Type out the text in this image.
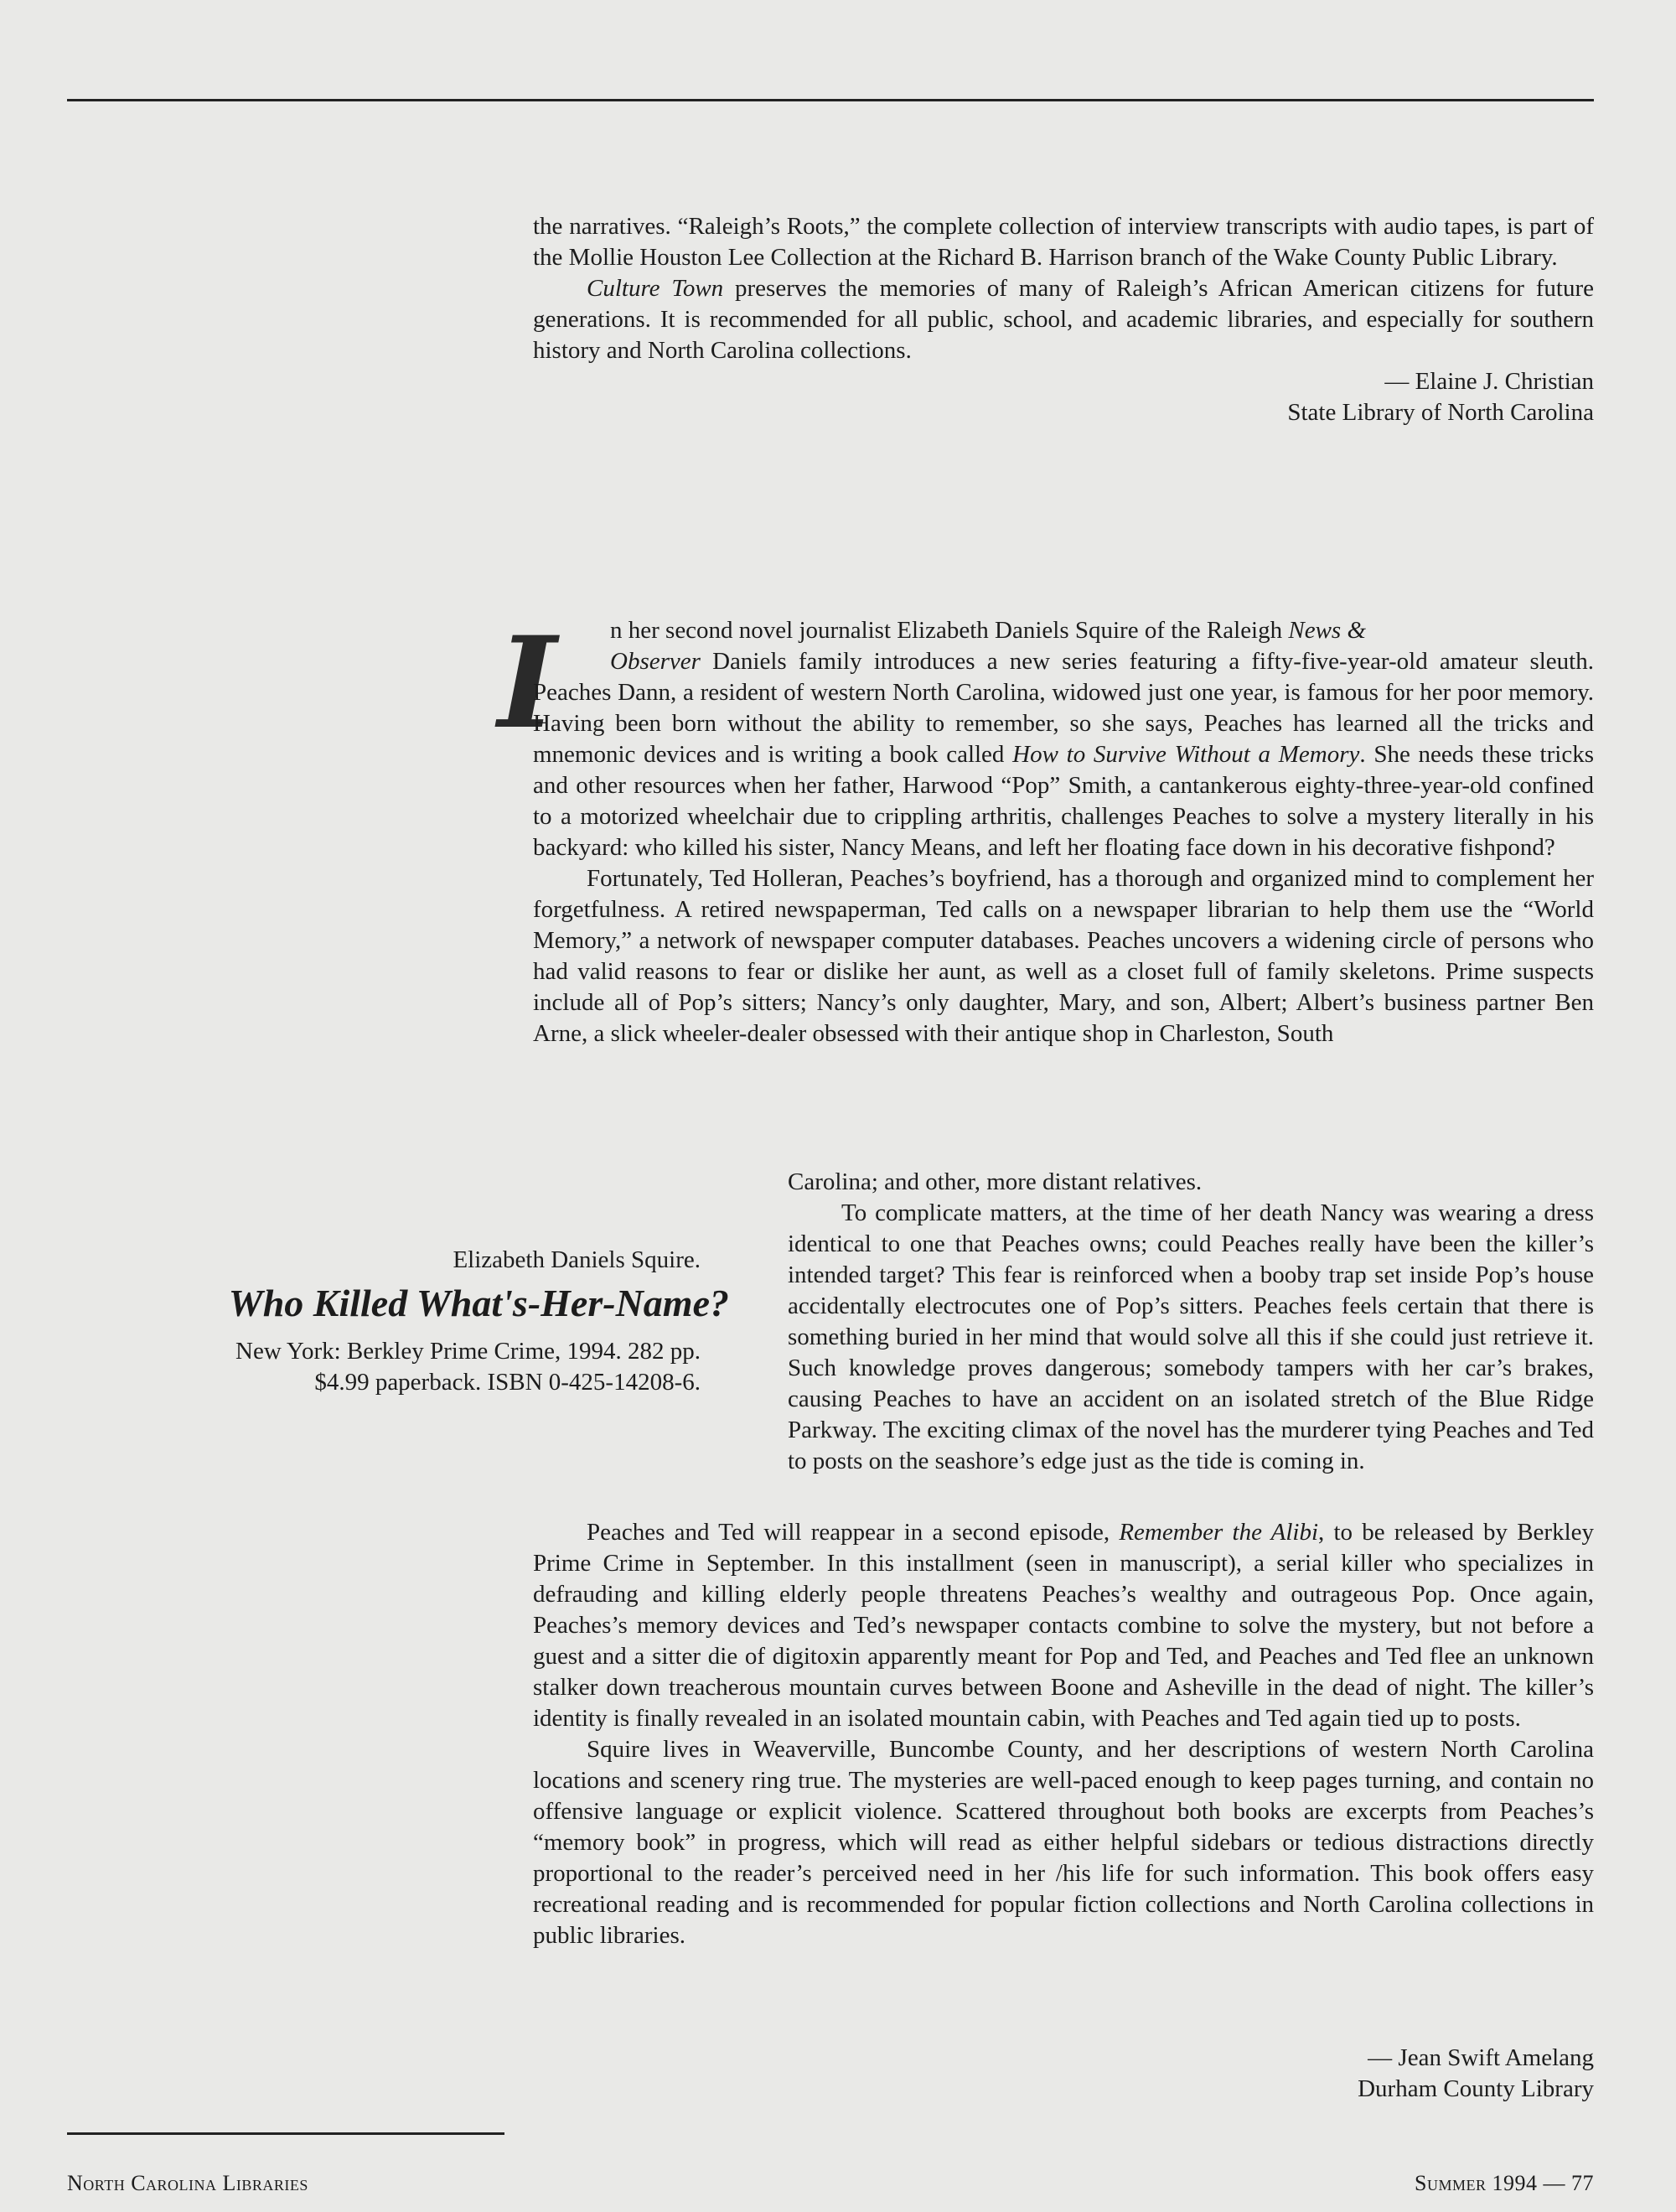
the narratives. “Raleigh’s Roots,” the complete collection of interview transcripts with audio tapes, is part of the Mollie Houston Lee Collection at the Richard B. Harrison branch of the Wake County Public Library.

Culture Town preserves the memories of many of Raleigh’s African American citizens for future generations. It is recommended for all public, school, and academic libraries, and especially for southern history and North Carolina collections.

— Elaine J. Christian

State Library of North Carolina

I	n her second novel journalist Elizabeth Daniels Squire of the Raleigh News &
Observer Daniels family introduces a new series featuring a fifty-five-year-old amateur sleuth. Peaches Dann, a resident of western North Carolina, widowed just one year, is famous for her poor memory. Having been born without the ability to remember, so she says, Peaches has learned all the tricks and mnemonic devices and is writing a book called How to Survive Without a Memory. She needs these tricks and other resources when her father, Harwood “Pop” Smith, a cantankerous eighty-three-year-old confined to a motorized wheelchair due to crippling arthritis, challenges Peaches to solve a mystery literally in his backyard: who killed his sister, Nancy Means, and left her floating face down in his decorative fishpond?

Fortunately, Ted Holleran, Peaches’s boyfriend, has a thorough and organized mind to complement her forgetfulness. A retired newspaperman, Ted calls on a newspaper librarian to help them use the “World Memory,” a network of newspaper computer databases. Peaches uncovers a widening circle of persons who had valid reasons to fear or dislike her aunt, as well as a closet full of family skeletons. Prime suspects include all of Pop’s sitters; Nancy’s only daughter, Mary, and son, Albert; Albert’s business partner Ben Arne, a slick wheeler-dealer obsessed with their antique shop in Charleston, South

Carolina; and other, more distant relatives.

To complicate matters, at the time of her death Nancy was wearing a dress identical to one that Peaches owns; could Peaches really have been the killer’s intended target? This fear is reinforced when a booby trap set inside Pop’s house accidentally electrocutes one of Pop’s sitters. Peaches feels certain that there is something buried in her mind that would solve all this if she could just retrieve it. Such knowledge proves dangerous; somebody tampers with her car’s brakes, causing Peaches to have an accident on an isolated stretch of the Blue Ridge Parkway. The exciting climax of the novel has the murderer tying Peaches and Ted to posts on the seashore’s edge just as the tide is coming in.

Elizabeth Daniels Squire.
Who Killed What's-Her-Name?
New York: Berkley Prime Crime, 1994. 282 pp.
$4.99 paperback. ISBN 0-425-14208-6.

Peaches and Ted will reappear in a second episode, Remember the Alibi, to be released by Berkley Prime Crime in September. In this installment (seen in manuscript), a serial killer who specializes in defrauding and killing elderly people threatens Peaches’s wealthy and outrageous Pop. Once again, Peaches’s memory devices and Ted’s newspaper contacts combine to solve the mystery, but not before a guest and a sitter die of digitoxin apparently meant for Pop and Ted, and Peaches and Ted flee an unknown stalker down treacherous mountain curves between Boone and Asheville in the dead of night. The killer’s identity is finally revealed in an isolated mountain cabin, with Peaches and Ted again tied up to posts.

Squire lives in Weaverville, Buncombe County, and her descriptions of western North Carolina locations and scenery ring true. The mysteries are well-paced enough to keep pages turning, and contain no offensive language or explicit violence. Scattered throughout both books are excerpts from Peaches’s “memory book” in progress, which will read as either helpful sidebars or tedious distractions directly proportional to the reader’s perceived need in her /his life for such information. This book offers easy recreational reading and is recommended for popular fiction collections and North Carolina collections in public libraries.

— Jean Swift Amelang

Durham County Library

North Carolina Libraries	Summer 1994 — 77
